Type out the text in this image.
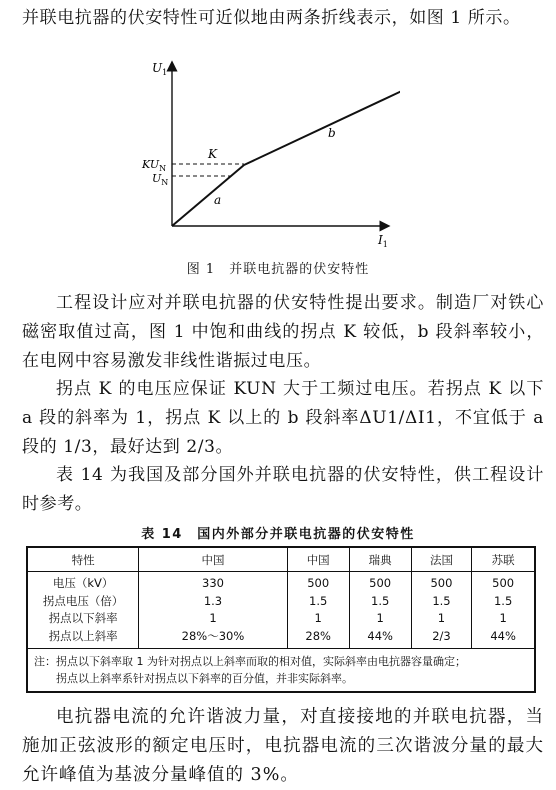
并联电抗器的伏安特性可近似地由两条折线表示，如图 1 所示。

$U_1$
$I_1$
$KU_N$
$U_N$
K
a
b
图 1　并联电抗器的伏安特性

工程设计应对并联电抗器的伏安特性提出要求。制造厂对铁心磁密取值过高，图 1 中饱和曲线的拐点 K 较低，b 段斜率较小，在电网中容易激发非线性谐振过电压。

拐点 K 的电压应保证 KUN 大于工频过电压。若拐点 K 以下 a 段的斜率为 1，拐点 K 以上的 b 段斜率ΔU1/ΔI1，不宜低于 a 段的 1/3，最好达到 2/3。

表 14 为我国及部分国外并联电抗器的伏安特性，供工程设计时参考。

表 14　国内外部分并联电抗器的伏安特性
特性	中国	中国	瑞典	法国	苏联
电压（kV）	330	500	500	500	500
拐点电压（倍）	1.3	1.5	1.5	1.5	1.5
拐点以下斜率	1	1	1	1	1
拐点以上斜率	28%～30%	28%	44%	2/3	44%

注：拐点以下斜率取 1 为针对拐点以上斜率而取的相对值，实际斜率由电抗器容量确定；
　　拐点以上斜率系针对拐点以下斜率的百分值，并非实际斜率。					

电抗器电流的允许谐波力量，对直接接地的并联电抗器，当施加正弦波形的额定电压时，电抗器电流的三次谐波分量的最大允许峰值为基波分量峰值的 3%。
